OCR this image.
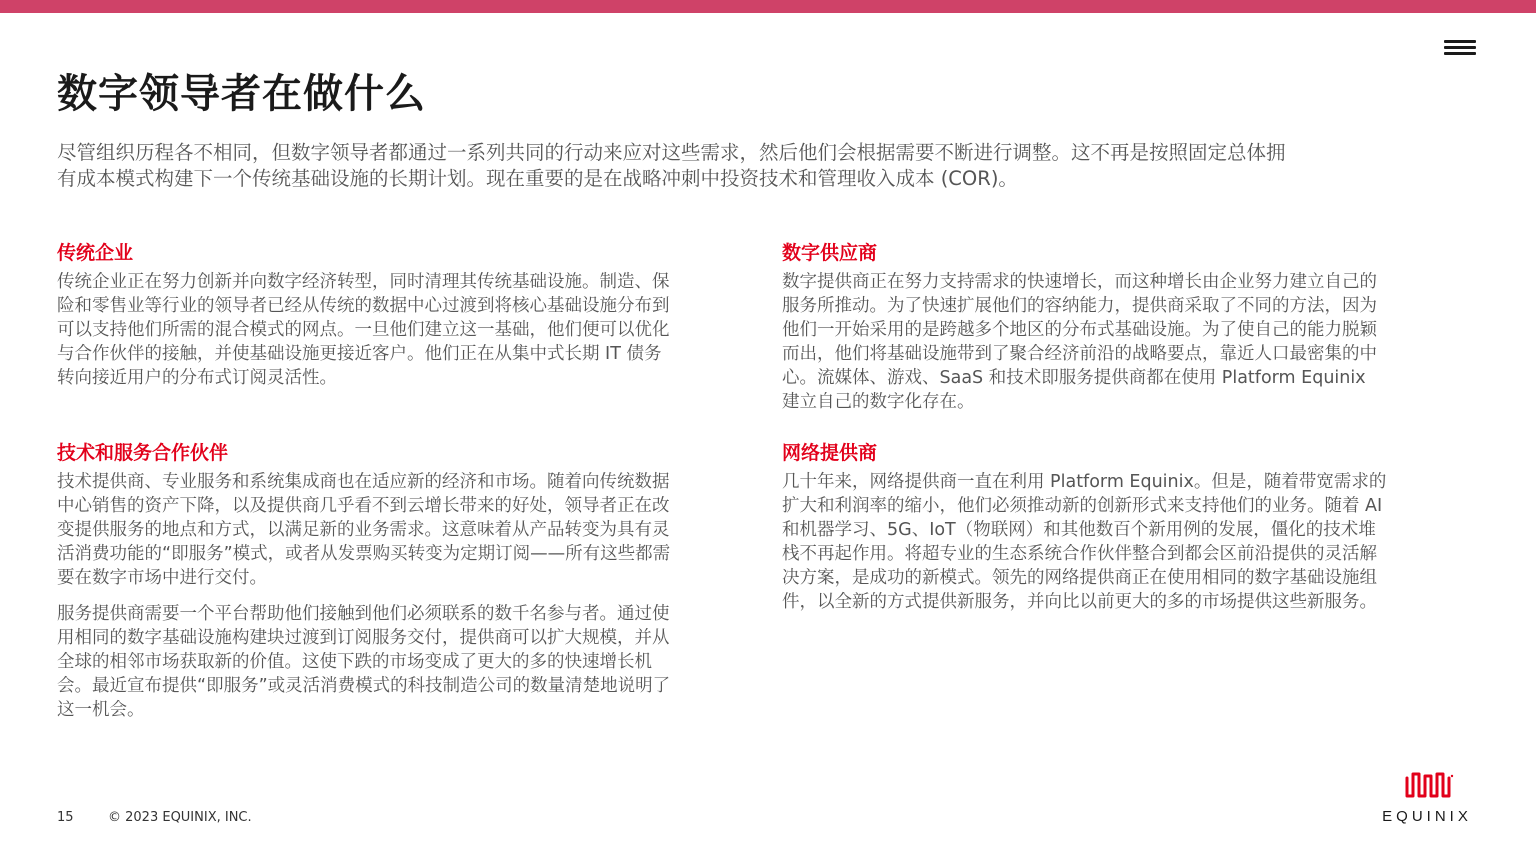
数字领导者在做什么

尽管组织历程各不相同，但数字领导者都通过一系列共同的行动来应对这些需求，然后他们会根据需要不断进行调整。这不再是按照固定总体拥有成本模式构建下一个传统基础设施的长期计划。现在重要的是在战略冲刺中投资技术和管理收入成本 (COR)。

传统企业

传统企业正在努力创新并向数字经济转型，同时清理其传统基础设施。制造、保险和零售业等行业的领导者已经从传统的数据中心过渡到将核心基础设施分布到可以支持他们所需的混合模式的网点。一旦他们建立这一基础，他们便可以优化与合作伙伴的接触，并使基础设施更接近客户。他们正在从集中式长期 IT 债务转向接近用户的分布式订阅灵活性。

数字供应商

数字提供商正在努力支持需求的快速增长，而这种增长由企业努力建立自己的服务所推动。为了快速扩展他们的容纳能力，提供商采取了不同的方法，因为他们一开始采用的是跨越多个地区的分布式基础设施。为了使自己的能力脱颖而出，他们将基础设施带到了聚合经济前沿的战略要点，靠近人口最密集的中心。流媒体、游戏、SaaS 和技术即服务提供商都在使用 Platform Equinix 建立自己的数字化存在。

技术和服务合作伙伴

技术提供商、专业服务和系统集成商也在适应新的经济和市场。随着向传统数据中心销售的资产下降，以及提供商几乎看不到云增长带来的好处，领导者正在改变提供服务的地点和方式，以满足新的业务需求。这意味着从产品转变为具有灵活消费功能的“即服务”模式，或者从发票购买转变为定期订阅——所有这些都需要在数字市场中进行交付。

服务提供商需要一个平台帮助他们接触到他们必须联系的数千名参与者。通过使用相同的数字基础设施构建块过渡到订阅服务交付，提供商可以扩大规模，并从全球的相邻市场获取新的价值。这使下跌的市场变成了更大的多的快速增长机会。最近宣布提供“即服务”或灵活消费模式的科技制造公司的数量清楚地说明了这一机会。

网络提供商

几十年来，网络提供商一直在利用 Platform Equinix。但是，随着带宽需求的扩大和利润率的缩小，他们必须推动新的创新形式来支持他们的业务。随着 AI 和机器学习、5G、IoT（物联网）和其他数百个新用例的发展，僵化的技术堆栈不再起作用。将超专业的生态系统合作伙伴整合到都会区前沿提供的灵活解决方案，是成功的新模式。领先的网络提供商正在使用相同的数字基础设施组件，以全新的方式提供新服务，并向比以前更大的多的市场提供这些新服务。

15	© 2023 EQUINIX, INC.	EQUINIX
